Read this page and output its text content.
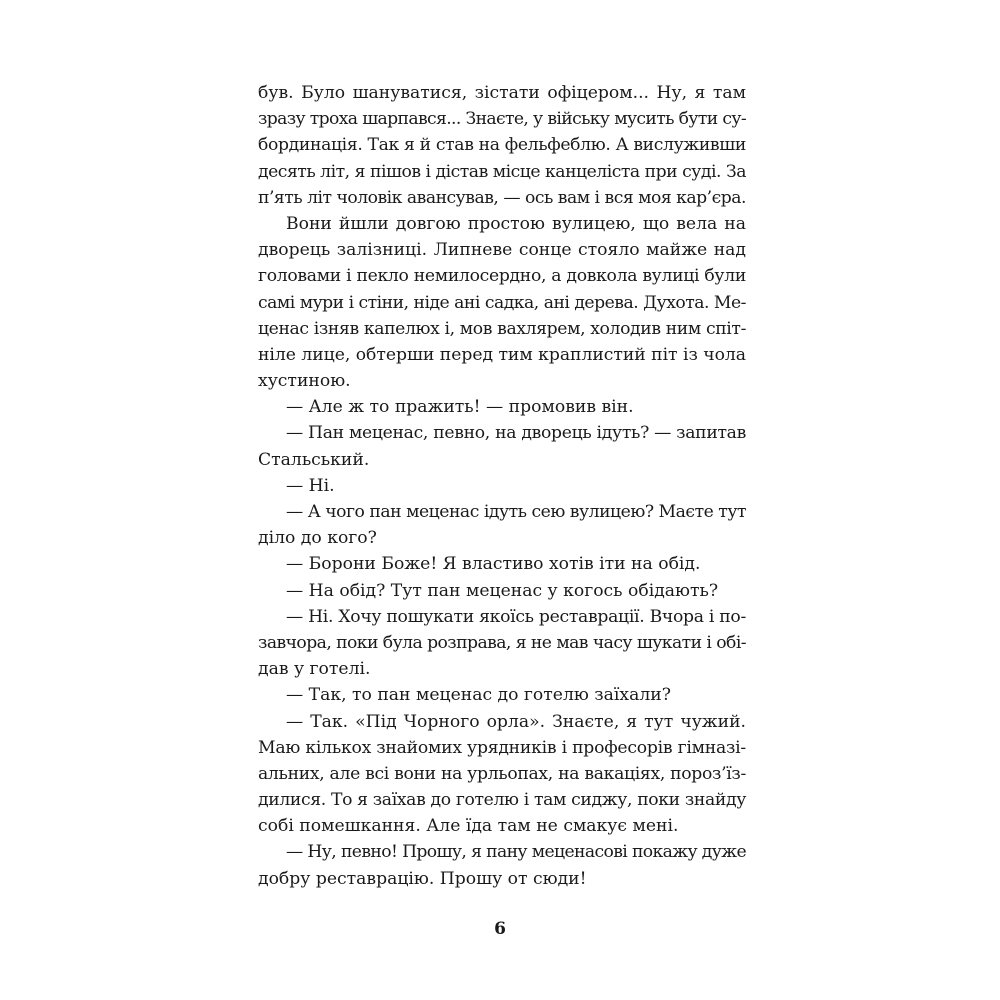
був. Було шануватися, зістати офіцером... Ну, я там
зразу троха шарпався... Знаєте, у війську мусить бути су-
бординація. Так я й став на фельфеблю. А вислуживши
десять літ, я пішов і дістав місце канцеліста при суді. За
п’ять літ чоловік авансував, — ось вам і вся моя кар’єра.
Вони йшли довгою простою вулицею, що вела на
дворець залізниці. Липневе сонце стояло майже над
головами і пекло немилосердно, а довкола вулиці були
самі мури і стіни, ніде ані садка, ані дерева. Духота. Ме-
ценас ізняв капелюх і, мов вахлярем, холодив ним спіт-
ніле лице, обтерши перед тим краплистий піт із чола
хустиною.
— Але ж то пражить! — промовив він.
— Пан меценас, певно, на дворець ідуть? — запитав
Стальський.
— Ні.
— А чого пан меценас ідуть сею вулицею? Маєте тут
діло до кого?
— Борони Боже! Я властиво хотів іти на обід.
— На обід? Тут пан меценас у когось обідають?
— Ні. Хочу пошукати якоїсь реставрації. Вчора і по-
завчора, поки була розправа, я не мав часу шукати і обі-
дав у готелі.
— Так, то пан меценас до готелю заїхали?
— Так. «Під Чорного орла». Знаєте, я тут чужий.
Маю кількох знайомих урядників і професорів гімназі-
альних, але всі вони на урльопах, на вакаціях, пороз’їз-
дилися. То я заїхав до готелю і там сиджу, поки знайду
собі помешкання. Але їда там не смакує мені.
— Ну, певно! Прошу, я пану меценасові покажу дуже
добру реставрацію. Прошу от сюди!
6
